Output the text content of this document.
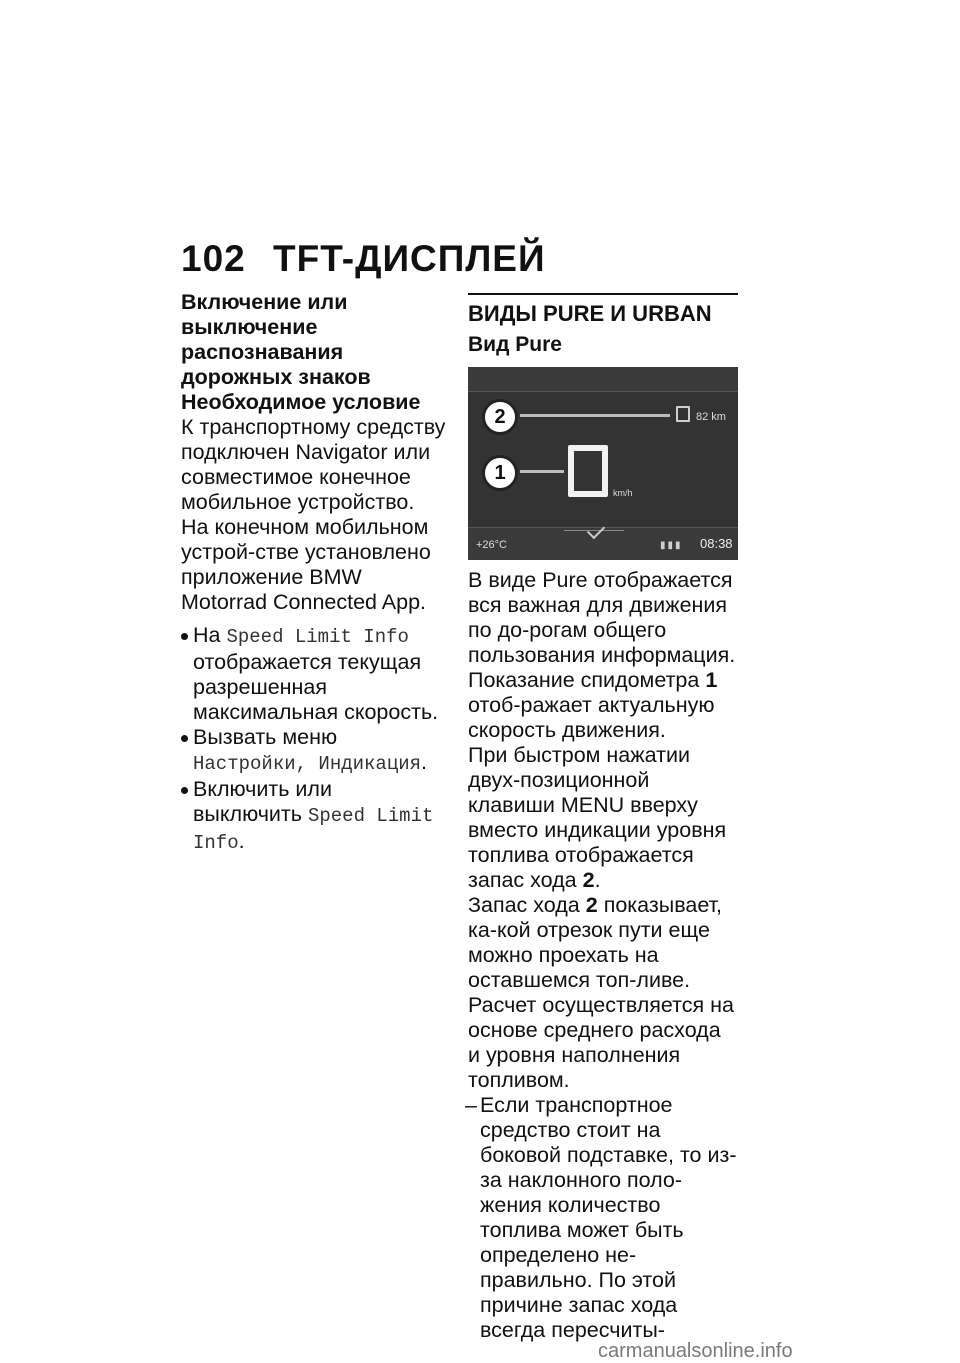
102 TFT-ДИСПЛЕЙ

Включение или выключение распознавания дорожных знаков

Необходимое условие

К транспортному средству подключен Navigator или совместимое конечное мобильное устройство. На конечном мобильном устрой-стве установлено приложение BMW Motorrad Connected App.

На Speed Limit Info отображается текущая разрешенная максимальная скорость.
Вызвать меню Настройки, Индикация.
Включить или выключить Speed Limit Info.

ВИДЫ PURE И URBAN

Вид Pure

82 km
km/h
2
1
+26°C	▮▮▮ 08:38

В виде Pure отображается вся важная для движения по до-рогам общего пользования информация.

Показание спидометра 1 отоб-ражает актуальную скорость движения.

При быстром нажатии двух-позиционной клавиши MENU вверху вместо индикации уровня топлива отображается запас хода 2.

Запас хода 2 показывает, ка-кой отрезок пути еще можно проехать на оставшемся топ-ливе. Расчет осуществляется на основе среднего расхода и уровня наполнения топливом.

– Если транспортное средство стоит на боковой подставке, то из-за наклонного поло-жения количество топлива может быть определено не-правильно. По этой причине запас хода всегда пересчиты-
carmanualsonline.info
